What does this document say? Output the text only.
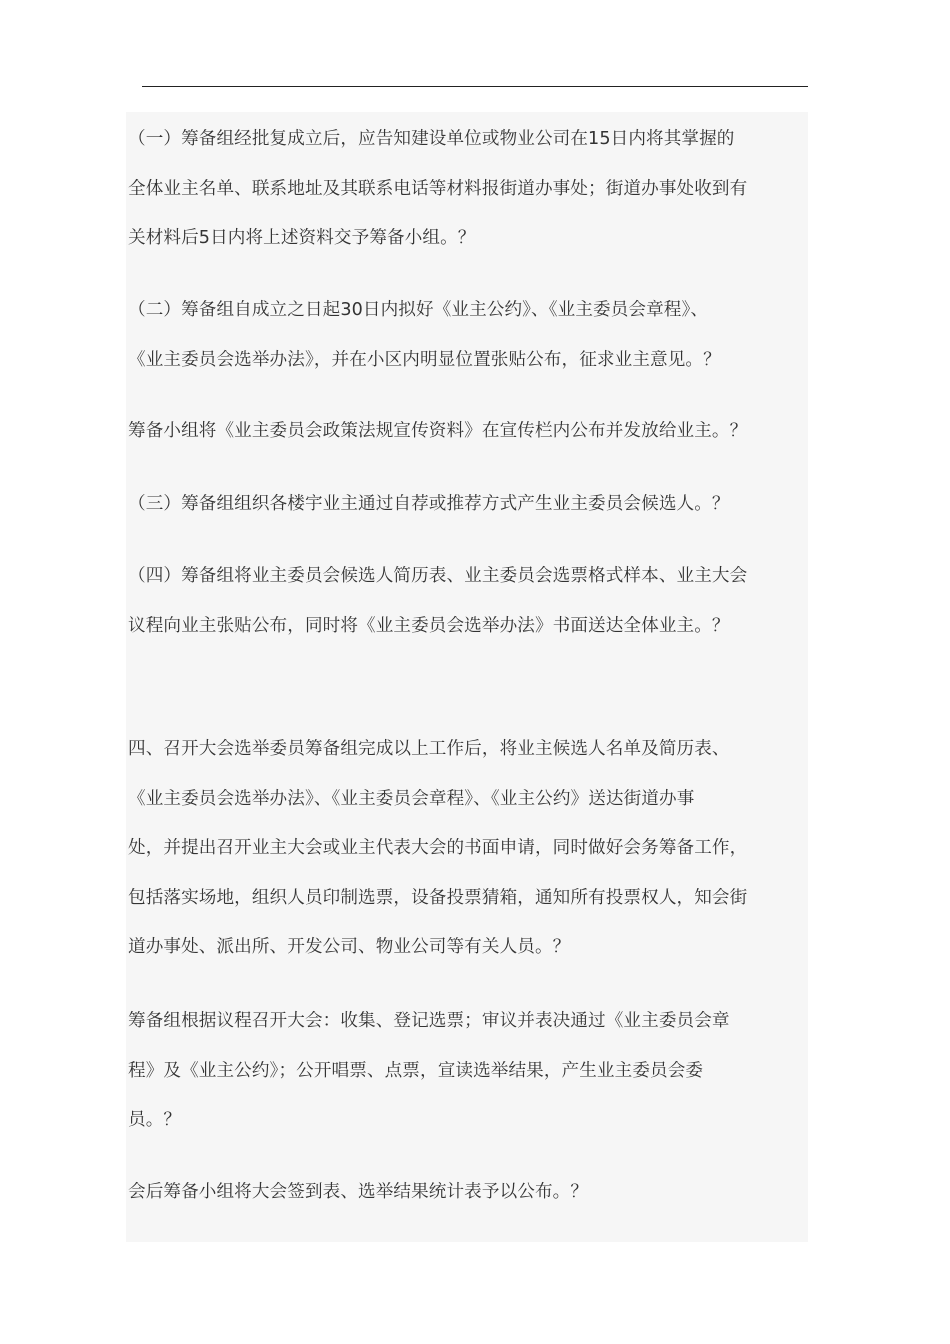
（一）筹备组经批复成立后，应告知建设单位或物业公司在15日内将其掌握的
全体业主名单、联系地址及其联系电话等材料报街道办事处；街道办事处收到有
关材料后5日内将上述资料交予筹备小组。？
（二）筹备组自成立之日起30日内拟好《业主公约》、《业主委员会章程》、
《业主委员会选举办法》，并在小区内明显位置张贴公布，征求业主意见。？
筹备小组将《业主委员会政策法规宣传资料》在宣传栏内公布并发放给业主。？
（三）筹备组组织各楼宇业主通过自荐或推荐方式产生业主委员会候选人。？
（四）筹备组将业主委员会候选人简历表、业主委员会选票格式样本、业主大会
议程向业主张贴公布，同时将《业主委员会选举办法》书面送达全体业主。？
四、召开大会选举委员筹备组完成以上工作后，将业主候选人名单及简历表、
《业主委员会选举办法》、《业主委员会章程》、《业主公约》送达街道办事
处，并提出召开业主大会或业主代表大会的书面申请，同时做好会务筹备工作，
包括落实场地，组织人员印制选票，设备投票猜箱，通知所有投票权人，知会街
道办事处、派出所、开发公司、物业公司等有关人员。？
筹备组根据议程召开大会：收集、登记选票；审议并表决通过《业主委员会章
程》及《业主公约》；公开唱票、点票，宣读选举结果，产生业主委员会委
员。？
会后筹备小组将大会签到表、选举结果统计表予以公布。？
